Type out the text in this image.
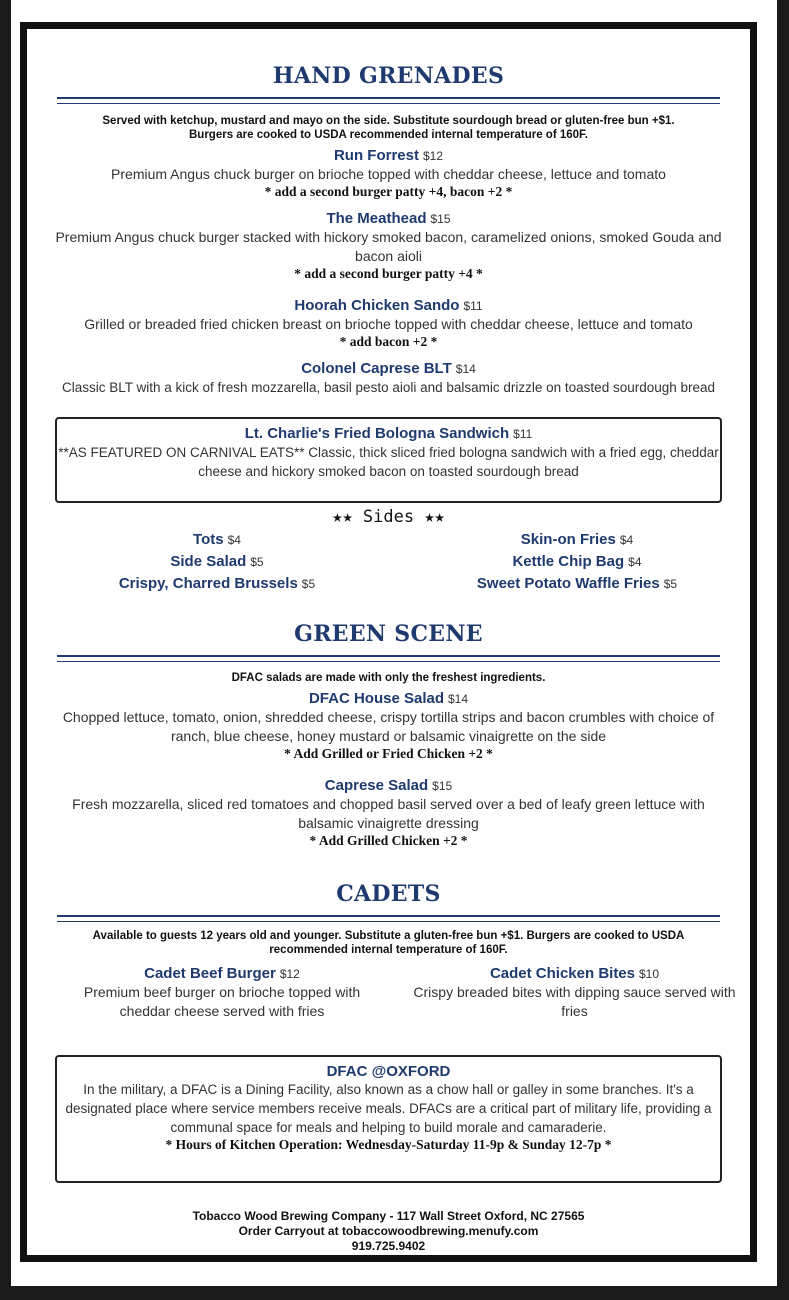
HAND GRENADES
Served with ketchup, mustard and mayo on the side. Substitute sourdough bread or gluten-free bun +$1.
Burgers are cooked to USDA recommended internal temperature of 160F.
Run Forrest $12
Premium Angus chuck burger on brioche topped with cheddar cheese, lettuce and tomato
* add a second burger patty +4, bacon +2 *
The Meathead $15
Premium Angus chuck burger stacked with hickory smoked bacon, caramelized onions, smoked Gouda and
bacon aioli
* add a second burger patty +4 *
Hoorah Chicken Sando $11
Grilled or breaded fried chicken breast on brioche topped with cheddar cheese, lettuce and tomato
* add bacon +2 *
Colonel Caprese BLT $14
Classic BLT with a kick of fresh mozzarella, basil pesto aioli and balsamic drizzle on toasted sourdough bread
Lt. Charlie's Fried Bologna Sandwich $11
**AS FEATURED ON CARNIVAL EATS** Classic, thick sliced fried bologna sandwich with a fried egg, cheddar
cheese and hickory smoked bacon on toasted sourdough bread
★★ Sides ★★
Tots $4
Side Salad $5
Crispy, Charred Brussels $5
Skin-on Fries $4
Kettle Chip Bag $4
Sweet Potato Waffle Fries $5
GREEN SCENE
DFAC salads are made with only the freshest ingredients.
DFAC House Salad $14
Chopped lettuce, tomato, onion, shredded cheese, crispy tortilla strips and bacon crumbles with choice of
ranch, blue cheese, honey mustard or balsamic vinaigrette on the side
* Add Grilled or Fried Chicken +2 *
Caprese Salad $15
Fresh mozzarella, sliced red tomatoes and chopped basil served over a bed of leafy green lettuce with
balsamic vinaigrette dressing
* Add Grilled Chicken +2 *
CADETS
Available to guests 12 years old and younger. Substitute a gluten-free bun +$1. Burgers are cooked to USDA
recommended internal temperature of 160F.
Cadet Beef Burger $12
Premium beef burger on brioche topped with
cheddar cheese served with fries
Cadet Chicken Bites $10
Crispy breaded bites with dipping sauce served with
fries
DFAC @OXFORD
In the military, a DFAC is a Dining Facility, also known as a chow hall or galley in some branches. It's a
designated place where service members receive meals. DFACs are a critical part of military life, providing a
communal space for meals and helping to build morale and camaraderie.
* Hours of Kitchen Operation: Wednesday-Saturday 11-9p & Sunday 12-7p *
Tobacco Wood Brewing Company - 117 Wall Street Oxford, NC 27565
Order Carryout at tobaccowoodbrewing.menufy.com
919.725.9402
